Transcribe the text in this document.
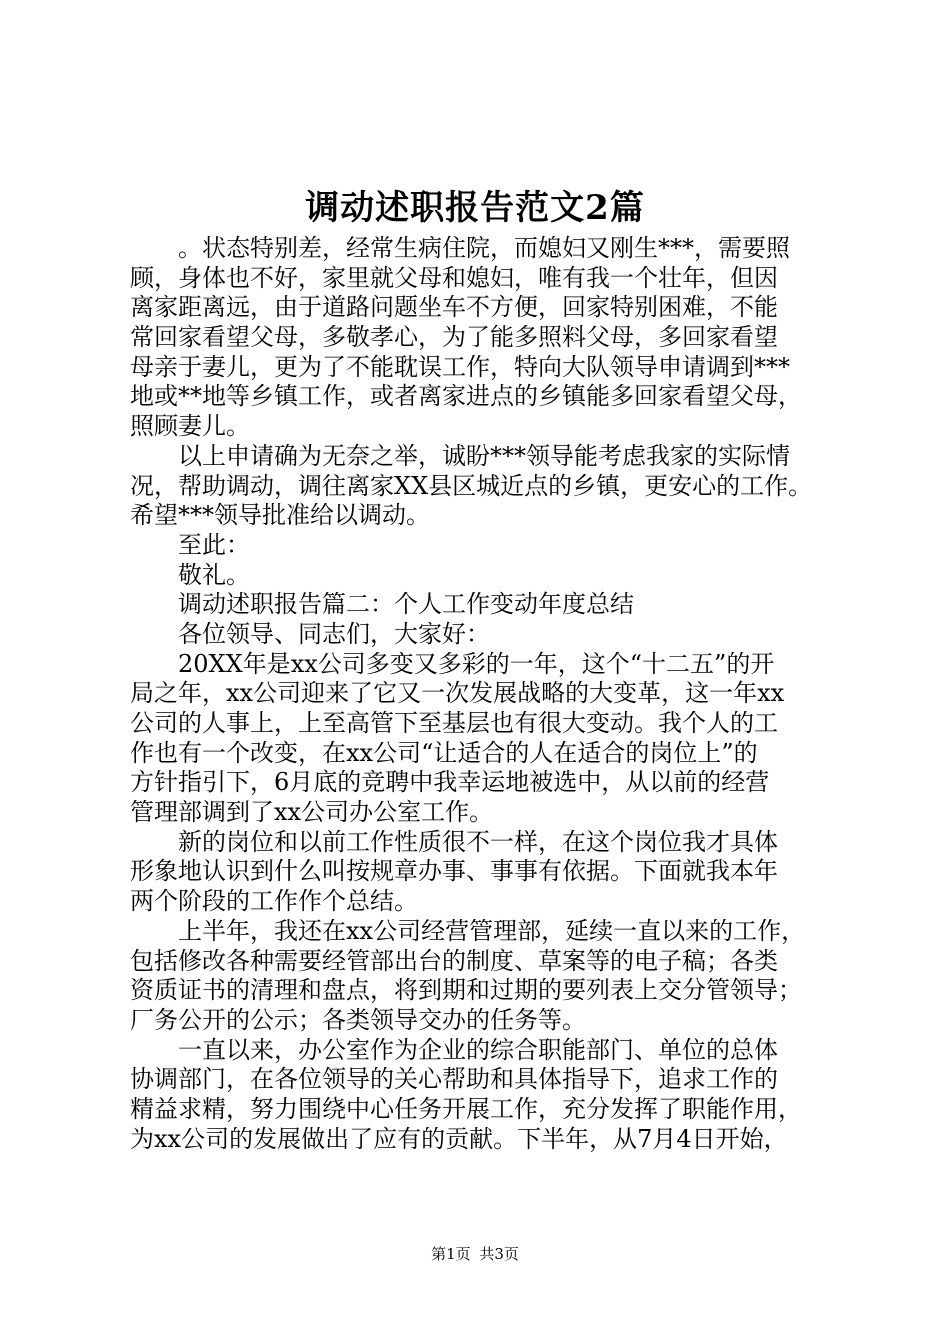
调动述职报告范文2篇
。状态特别差，经常生病住院，而媳妇又刚生***，需要照
顾，身体也不好，家里就父母和媳妇，唯有我一个壮年，但因
离家距离远，由于道路问题坐车不方便，回家特别困难，不能
常回家看望父母，多敬孝心，为了能多照料父母，多回家看望
母亲于妻儿，更为了不能耽误工作，特向大队领导申请调到***
地或**地等乡镇工作，或者离家进点的乡镇能多回家看望父母，
照顾妻儿。
以上申请确为无奈之举，诚盼***领导能考虑我家的实际情
况，帮助调动，调往离家XX县区城近点的乡镇，更安心的工作。
希望***领导批准给以调动。
至此：
敬礼。
调动述职报告篇二：个人工作变动年度总结
各位领导、同志们，大家好：
20XX年是xx公司多变又多彩的一年，这个“十二五”的开
局之年，xx公司迎来了它又一次发展战略的大变革，这一年xx
公司的人事上，上至高管下至基层也有很大变动。我个人的工
作也有一个改变，在xx公司“让适合的人在适合的岗位上”的
方针指引下，6月底的竞聘中我幸运地被选中，从以前的经营
管理部调到了xx公司办公室工作。
新的岗位和以前工作性质很不一样，在这个岗位我才具体
形象地认识到什么叫按规章办事、事事有依据。下面就我本年
两个阶段的工作作个总结。
上半年，我还在xx公司经营管理部，延续一直以来的工作，
包括修改各种需要经管部出台的制度、草案等的电子稿；各类
资质证书的清理和盘点，将到期和过期的要列表上交分管领导；
厂务公开的公示；各类领导交办的任务等。
一直以来，办公室作为企业的综合职能部门、单位的总体
协调部门，在各位领导的关心帮助和具体指导下，追求工作的
精益求精，努力围绕中心任务开展工作，充分发挥了职能作用，
为xx公司的发展做出了应有的贡献。下半年，从7月4日开始，
第1页 共3页
